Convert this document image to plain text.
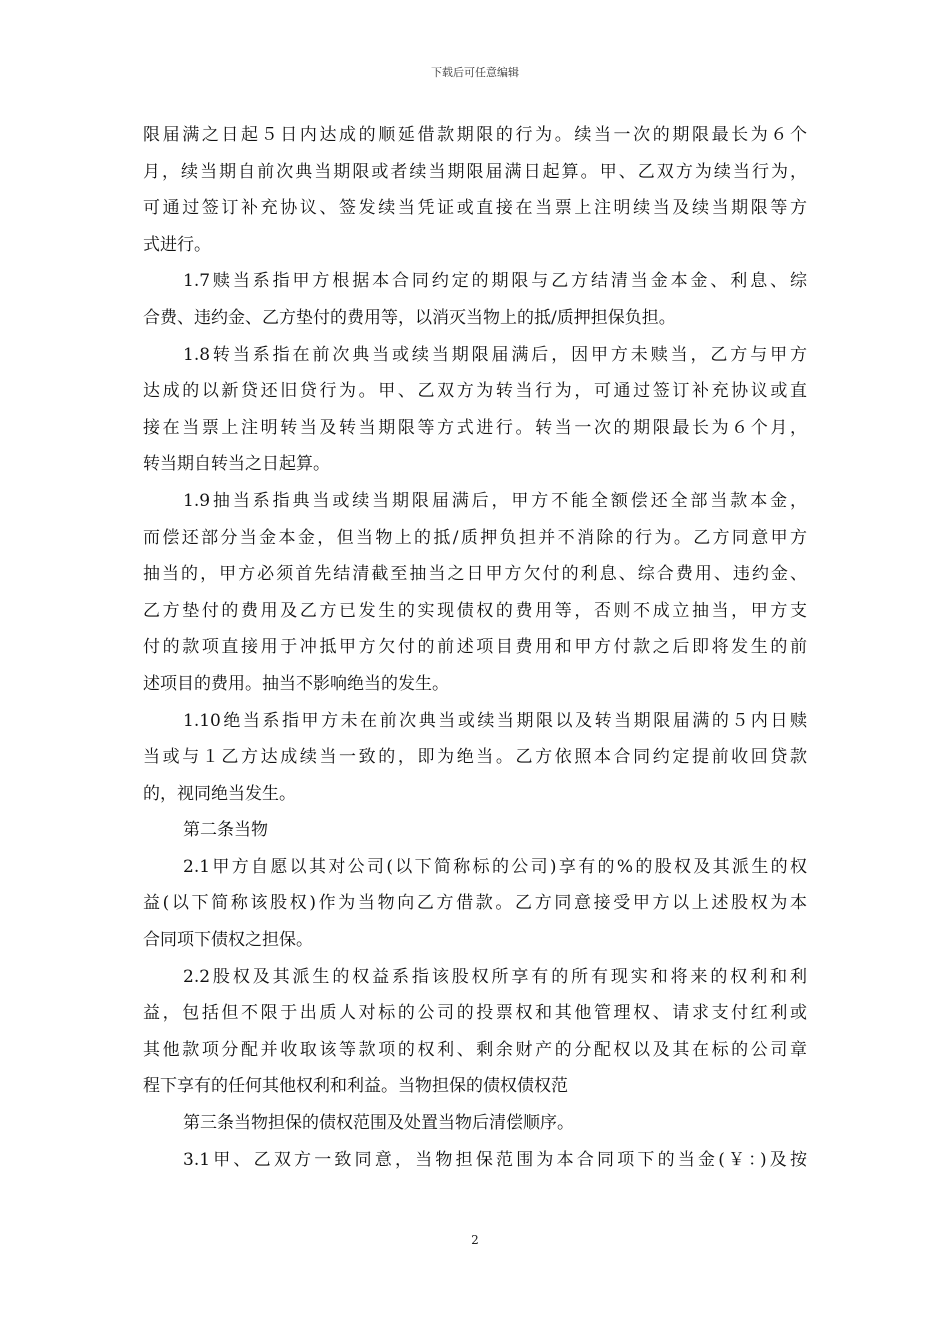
下载后可任意编辑
限届满之日起５日内达成的顺延借款期限的行为。续当一次的期限最长为６个
月，续当期自前次典当期限或者续当期限届满日起算。甲、乙双方为续当行为，
可通过签订补充协议、签发续当凭证或直接在当票上注明续当及续当期限等方
式进行。
1.7赎当系指甲方根据本合同约定的期限与乙方结清当金本金、利息、综
合费、违约金、乙方垫付的费用等，以消灭当物上的抵/质押担保负担。
1.8转当系指在前次典当或续当期限届满后，因甲方未赎当，乙方与甲方
达成的以新贷还旧贷行为。甲、乙双方为转当行为，可通过签订补充协议或直
接在当票上注明转当及转当期限等方式进行。转当一次的期限最长为６个月，
转当期自转当之日起算。
1.9抽当系指典当或续当期限届满后，甲方不能全额偿还全部当款本金，
而偿还部分当金本金，但当物上的抵/质押负担并不消除的行为。乙方同意甲方
抽当的，甲方必须首先结清截至抽当之日甲方欠付的利息、综合费用、违约金、
乙方垫付的费用及乙方已发生的实现债权的费用等，否则不成立抽当，甲方支
付的款项直接用于冲抵甲方欠付的前述项目费用和甲方付款之后即将发生的前
述项目的费用。抽当不影响绝当的发生。
1.10绝当系指甲方未在前次典当或续当期限以及转当期限届满的５内日赎
当或与１乙方达成续当一致的，即为绝当。乙方依照本合同约定提前收回贷款
的，视同绝当发生。
第二条当物
2.1甲方自愿以其对公司(以下简称标的公司)享有的%的股权及其派生的权
益(以下简称该股权)作为当物向乙方借款。乙方同意接受甲方以上述股权为本
合同项下债权之担保。
2.2股权及其派生的权益系指该股权所享有的所有现实和将来的权利和利
益，包括但不限于出质人对标的公司的投票权和其他管理权、请求支付红利或
其他款项分配并收取该等款项的权利、剩余财产的分配权以及其在标的公司章
程下享有的任何其他权利和利益。当物担保的债权债权范
第三条当物担保的债权范围及处置当物后清偿顺序。
3.1甲、乙双方一致同意，当物担保范围为本合同项下的当金(￥：)及按
2
